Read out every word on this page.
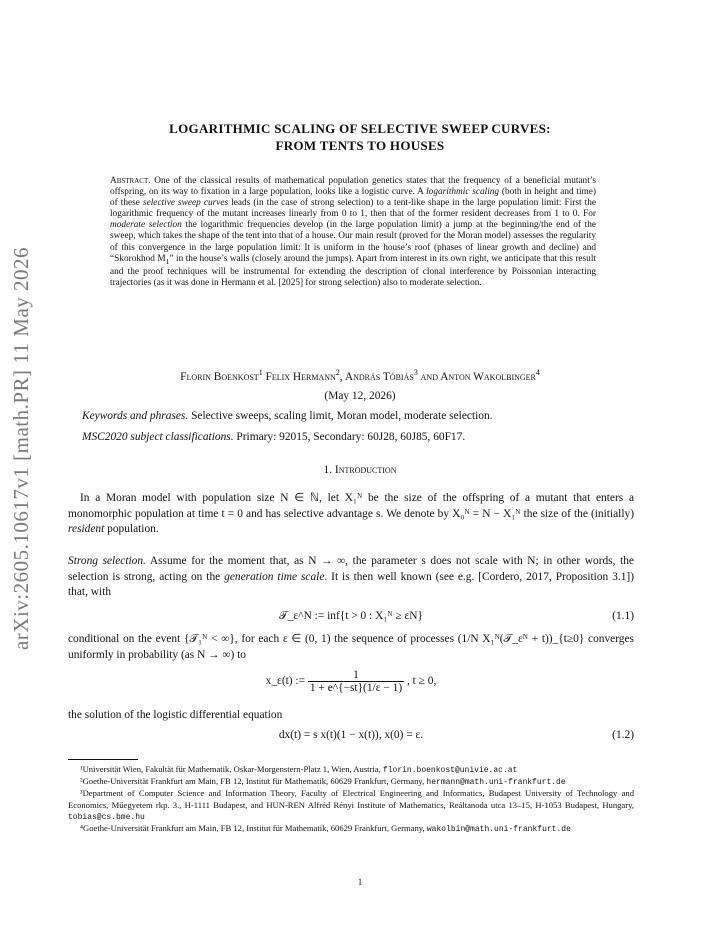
arXiv:2605.10617v1 [math.PR] 11 May 2026
LOGARITHMIC SCALING OF SELECTIVE SWEEP CURVES:
FROM TENTS TO HOUSES
Abstract. One of the classical results of mathematical population genetics states that the frequency of a beneficial mutant’s offspring, on its way to fixation in a large population, looks like a logistic curve. A logarithmic scaling (both in height and time) of these selective sweep curves leads (in the case of strong selection) to a tent-like shape in the large population limit: First the logarithmic frequency of the mutant increases linearly from 0 to 1, then that of the former resident decreases from 1 to 0. For moderate selection the logarithmic frequencies develop (in the large population limit) a jump at the beginning/the end of the sweep, which takes the shape of the tent into that of a house. Our main result (proved for the Moran model) assesses the regularity of this convergence in the large population limit: It is uniform in the house’s roof (phases of linear growth and decline) and “Skorokhod $M_1$” in the house’s walls (closely around the jumps). Apart from interest in its own right, we anticipate that this result and the proof techniques will be instrumental for extending the description of clonal interference by Poissonian interacting trajectories (as it was done in Hermann et al. [2025] for strong selection) also to moderate selection.
Florin Boenkost$^1$ Felix Hermann$^2$, András Tóbiás$^3$ and Anton Wakolbinger$^4$
(May 12, 2026)
Keywords and phrases. Selective sweeps, scaling limit, Moran model, moderate selection.
MSC2020 subject classifications. Primary: 92015, Secondary: 60J28, 60J85, 60F17.
1. Introduction
In a Moran model with population size N ∈ ℕ, let X₁ᴺ be the size of the offspring of a mutant that enters a monomorphic population at time t = 0 and has selective advantage s. We denote by X₀ᴺ = N − X₁ᴺ the size of the (initially) resident population.
Strong selection. Assume for the moment that, as N → ∞, the parameter s does not scale with N; in other words, the selection is strong, acting on the generation time scale. It is then well known (see e.g. [Cordero, 2017, Proposition 3.1]) that, with
𝒯_ε^N := inf{t > 0 : X₁ᴺ ≥ εN}	(1.1)
conditional on the event {𝒯₁ᴺ < ∞}, for each ε ∈ (0, 1) the sequence of processes (1/N X₁ᴺ(𝒯_εᴺ + t))_{t≥0} converges uniformly in probability (as N → ∞) to
x_ε(t) := $\frac{1}{1 + e\^{}\{-st\}(1/\varepsilon - 1)}$ , t ≥ 0,
the solution of the logistic differential equation
dx(t) = s x(t)(1 − x(t)), x(0) = ε.	(1.2)
¹Universität Wien, Fakultät für Mathematik, Oskar-Morgenstern-Platz 1, Wien, Austria, florin.boenkost@univie.ac.at
²Goethe-Universität Frankfurt am Main, FB 12, Institut für Mathematik, 60629 Frankfurt, Germany, hermann@math.uni-frankfurt.de
³Department of Computer Science and Information Theory, Faculty of Electrical Engineering and Informatics, Budapest University of Technology and Economics, Műegyetem rkp. 3., H-1111 Budapest, and HUN-REN Alfréd Rényi Institute of Mathematics, Reáltanoda utca 13–15, H-1053 Budapest, Hungary, tobias@cs.bme.hu
⁴Goethe-Universität Frankfurt am Main, FB 12, Institut für Mathematik, 60629 Frankfurt, Germany, wakolbin@math.uni-frankfurt.de
1
